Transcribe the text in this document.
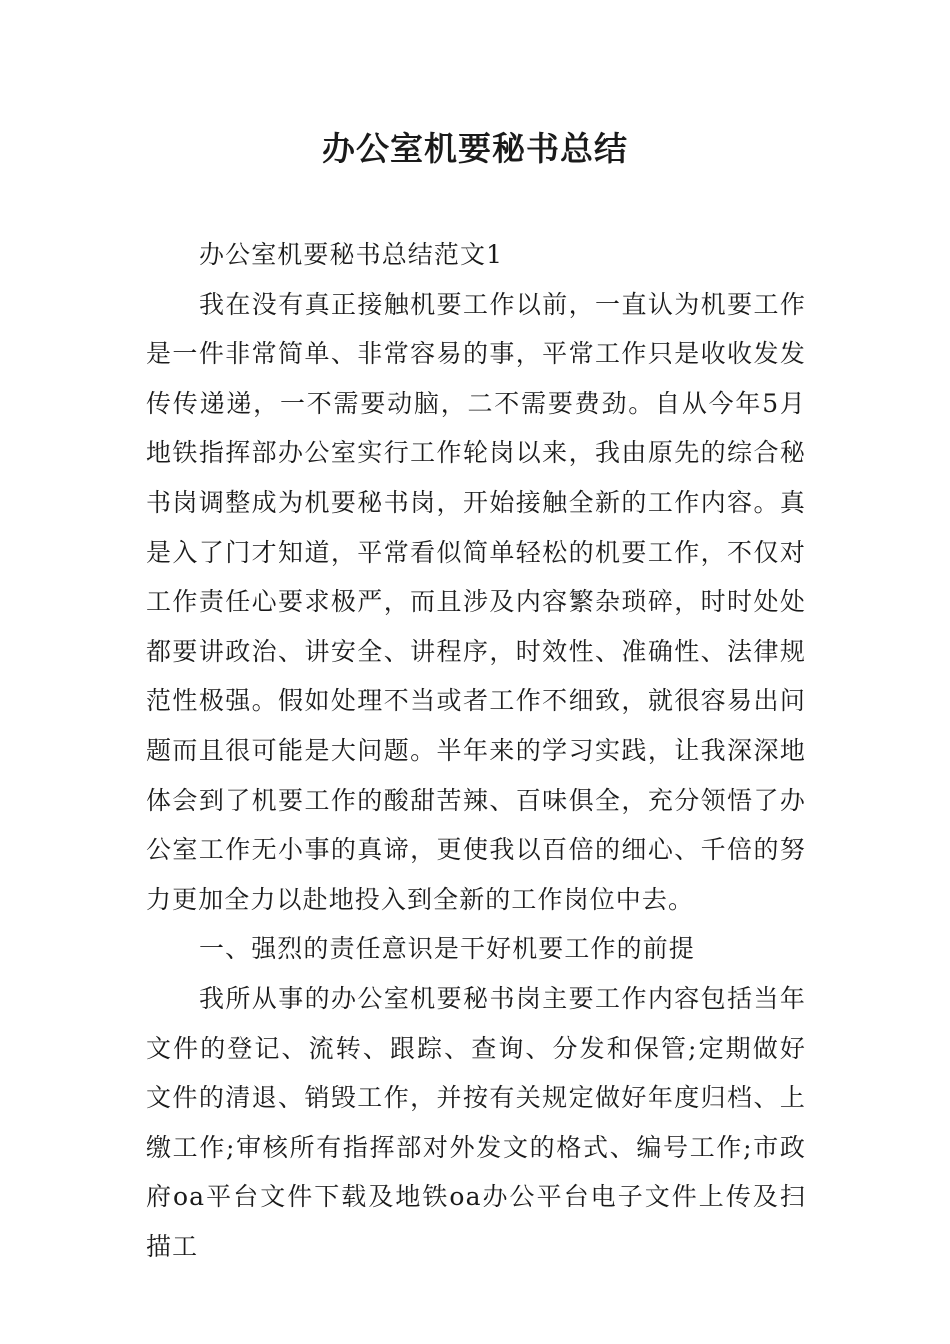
办公室机要秘书总结

办公室机要秘书总结范文1

我在没有真正接触机要工作以前，一直认为机要工作是一件非常简单、非常容易的事，平常工作只是收收发发传传递递，一不需要动脑，二不需要费劲。自从今年5月地铁指挥部办公室实行工作轮岗以来，我由原先的综合秘书岗调整成为机要秘书岗，开始接触全新的工作内容。真是入了门才知道，平常看似简单轻松的机要工作，不仅对工作责任心要求极严，而且涉及内容繁杂琐碎，时时处处都要讲政治、讲安全、讲程序，时效性、准确性、法律规范性极强。假如处理不当或者工作不细致，就很容易出问题而且很可能是大问题。半年来的学习实践，让我深深地体会到了机要工作的酸甜苦辣、百味俱全，充分领悟了办公室工作无小事的真谛，更使我以百倍的细心、千倍的努力更加全力以赴地投入到全新的工作岗位中去。

一、强烈的责任意识是干好机要工作的前提

我所从事的办公室机要秘书岗主要工作内容包括当年文件的登记、流转、跟踪、查询、分发和保管;定期做好文件的清退、销毁工作，并按有关规定做好年度归档、上缴工作;审核所有指挥部对外发文的格式、编号工作;市政府oa平台文件下载及地铁oa办公平台电子文件上传及扫描工
